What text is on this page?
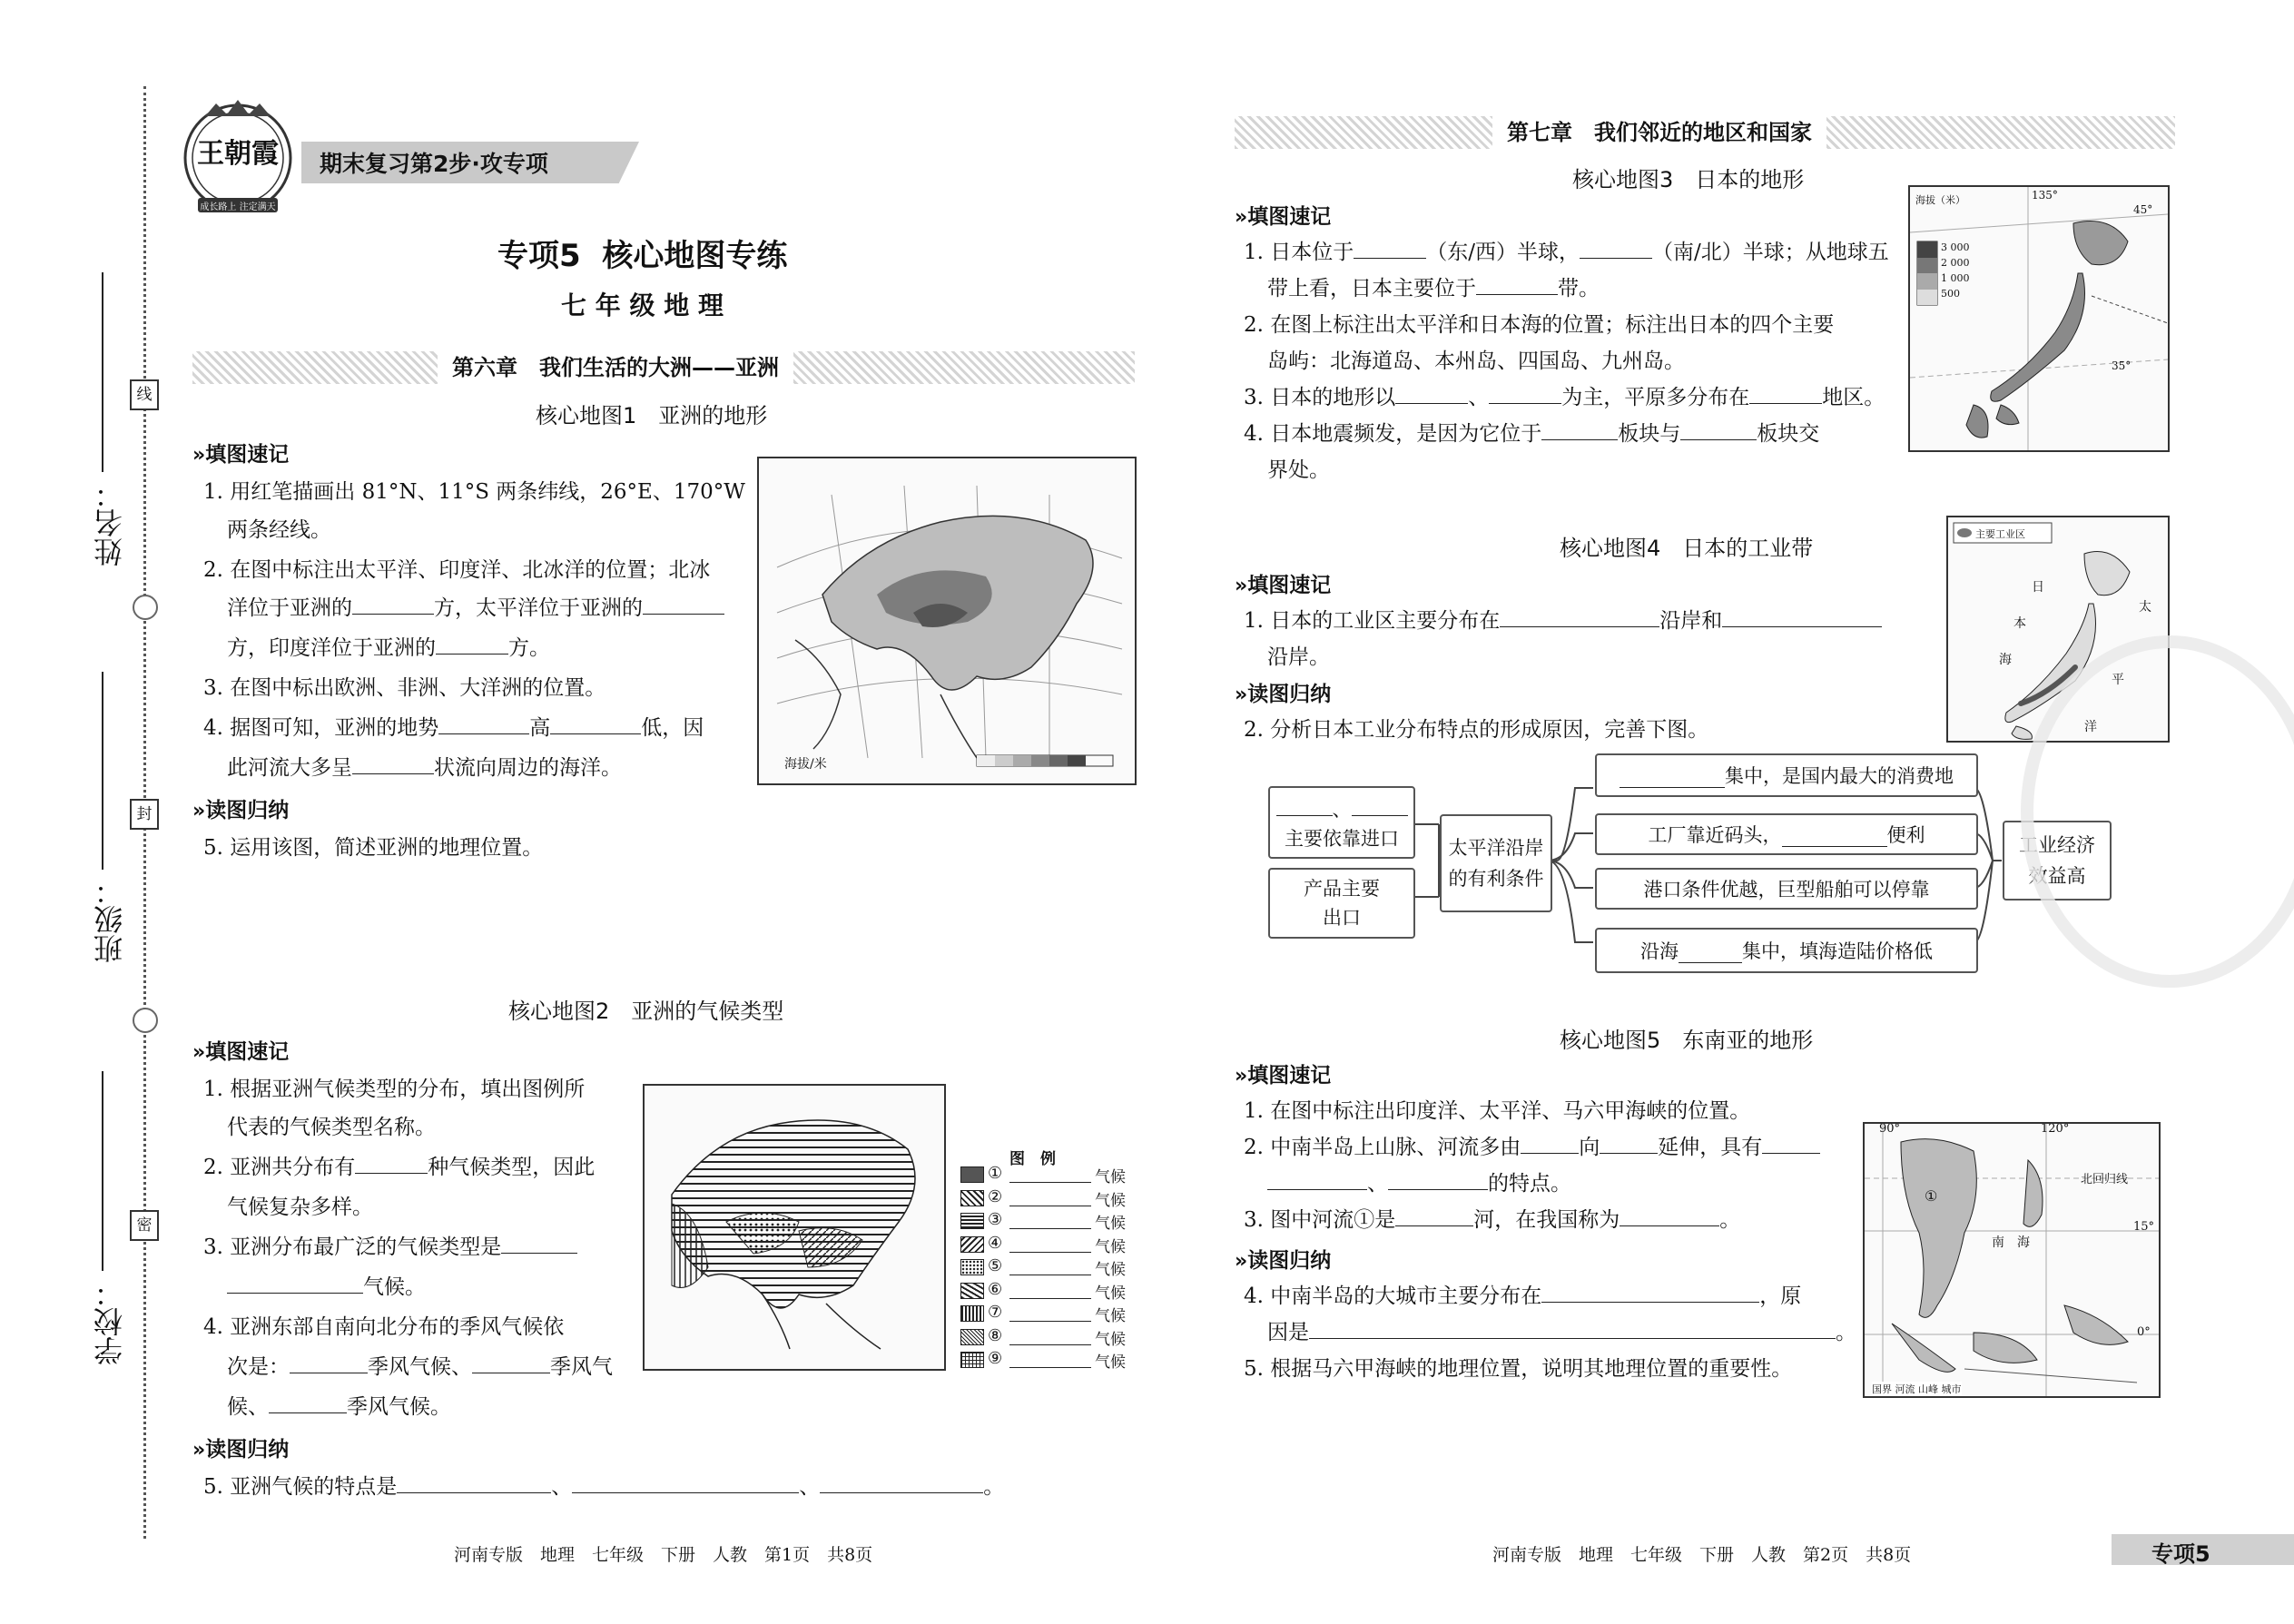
姓名：
班级：
学校：
线
封
密
王朝霞
成长路上 注定满天
期末复习第2步·攻专项
专项5  核心地图专练
七 年 级 地 理
第六章　我们生活的大洲——亚洲
核心地图1　亚洲的地形
» 填图速记
1. 用红笔描画出 81°N、11°S 两条纬线，26°E、170°W
两条经线。
2. 在图中标注出太平洋、印度洋、北冰洋的位置；北冰
洋位于亚洲的	方，太平洋位于亚洲的
方，印度洋位于亚洲的	方。
3. 在图中标出欧洲、非洲、大洋洲的位置。
4. 据图可知，亚洲的地势	高	低，因
此河流大多呈	状流向周边的海洋。
» 读图归纳
5. 运用该图，简述亚洲的地理位置。
海拔/米
核心地图2　亚洲的气候类型
» 填图速记
1. 根据亚洲气候类型的分布，填出图例所
代表的气候类型名称。
2. 亚洲共分布有	种气候类型，因此
气候复杂多样。
3. 亚洲分布最广泛的气候类型是
气候。
4. 亚洲东部自南向北分布的季风气候依
次是：	季风气候、	季风气
候、	季风气候。
» 读图归纳
5. 亚洲气候的特点是	、	、	。
图　例
①	气候
②	气候
③	气候
④	气候
⑤	气候
⑥	气候
⑦	气候
⑧	气候
⑨	气候
第七章　我们邻近的地区和国家
核心地图3　日本的地形
» 填图速记
1. 日本位于	（东/西）半球，	（南/北）半球；从地球五
带上看，日本主要位于	带。
2. 在图上标注出太平洋和日本海的位置；标注出日本的四个主要
岛屿：北海道岛、本州岛、四国岛、九州岛。
3. 日本的地形以	、	为主，平原多分布在	地区。
4. 日本地震频发，是因为它位于	板块与	板块交
界处。
海拔（米）
3 000
2 000
1 000
500
135°
45°
35°
核心地图4　日本的工业带
» 填图速记
1. 日本的工业区主要分布在	沿岸和
沿岸。
» 读图归纳
2. 分析日本工业分布特点的形成原因，完善下图。
主要工业区
日
本
海
太
平
洋
、
主要依靠进口
产品主要
出口
太平洋沿岸
的有利条件
集中，是国内最大的消费地
工厂靠近码头，	便利
港口条件优越，巨型船舶可以停靠
沿海	集中，填海造陆价格低
工业经济
效益高
核心地图5　东南亚的地形
» 填图速记
1. 在图中标注出印度洋、太平洋、马六甲海峡的位置。
2. 中南半岛上山脉、河流多由	向	延伸，具有
、	的特点。
3. 图中河流①是	河，在我国称为	。
» 读图归纳
4. 中南半岛的大城市主要分布在	，原
因是	。
5. 根据马六甲海峡的地理位置，说明其地理位置的重要性。
90°	120°
北回归线
15°
0°
南 海
①
国界 河流 山峰 城市
河南专版　地理　七年级　下册　人教　第1页　共8页	河南专版　地理　七年级　下册　人教　第2页　共8页	专项5
